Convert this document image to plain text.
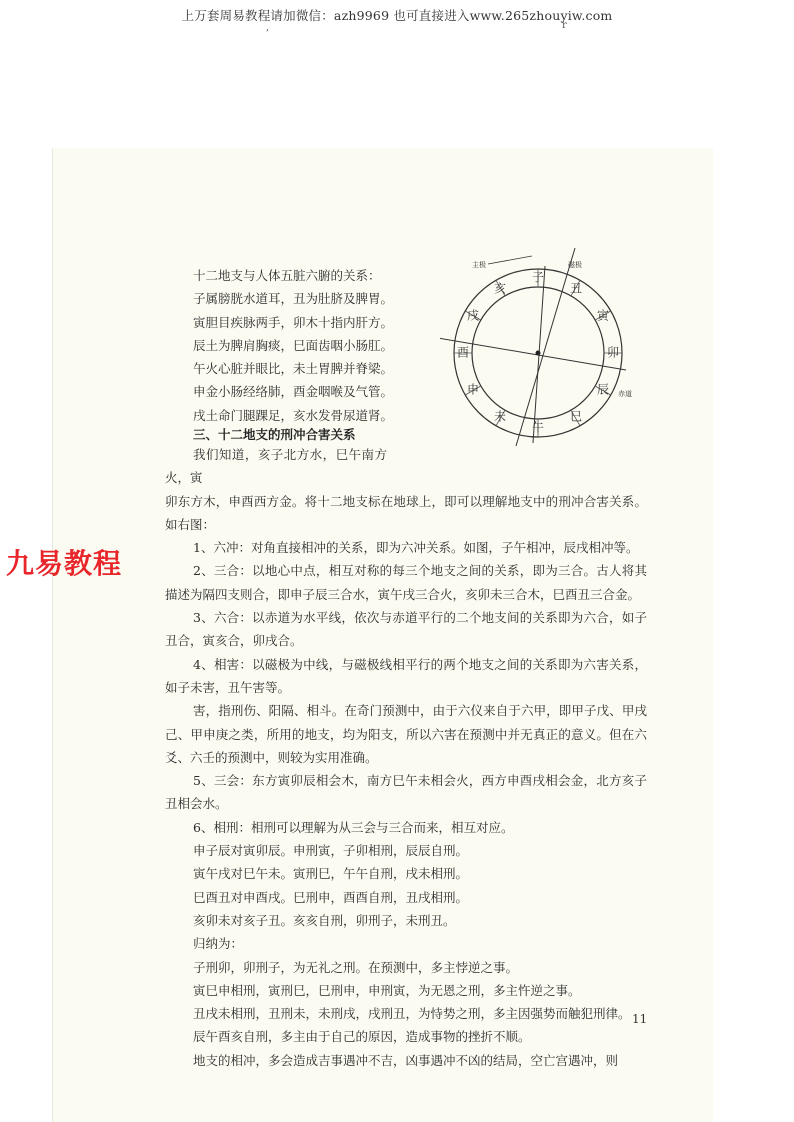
上万套周易教程请加微信：azh9969 也可直接进入www.265zhouyiw.com
,	r
九易教程
十二地支与人体五脏六腑的关系：
子属膀胱水道耳，丑为肚脐及脾胃。
寅胆目疾脉两手，卯木十指内肝方。
辰土为脾肩胸痰，巳面齿咽小肠肛。
午火心脏并眼比，未土胃脾并脊梁。
申金小肠经络肺，酉金咽喉及气管。
戌土命门腿踝足，亥水发骨尿道肾。
主极	磁极
赤道
子
丑
寅
卯
辰
巳
午
未
申
酉
戌
亥
三、十二地支的刑冲合害关系

我们知道，亥子北方水，巳午南方火，寅

卯东方木，申酉西方金。将十二地支标在地球上，即可以理解地支中的刑冲合害关系。如右图：

1、六冲：对角直接相冲的关系，即为六冲关系。如图，子午相冲，辰戌相冲等。

2、三合：以地心中点，相互对称的每三个地支之间的关系，即为三合。古人将其描述为隔四支则合，即申子辰三合水，寅午戌三合火，亥卯未三合木，巳酉丑三合金。

3、六合：以赤道为水平线，依次与赤道平行的二个地支间的关系即为六合，如子丑合，寅亥合，卯戌合。

4、相害：以磁极为中线，与磁极线相平行的两个地支之间的关系即为六害关系，如子未害，丑午害等。

害，指刑伤、阳隔、相斗。在奇门预测中，由于六仪来自于六甲，即甲子戊、甲戌己、甲申庚之类，所用的地支，均为阳支，所以六害在预测中并无真正的意义。但在六爻、六壬的预测中，则较为实用准确。

5、三会：东方寅卯辰相会木，南方巳午未相会火，西方申酉戌相会金，北方亥子丑相会水。

6、相刑：相刑可以理解为从三会与三合而来，相互对应。

申子辰对寅卯辰。申刑寅，子卯相刑，辰辰自刑。

寅午戌对巳午未。寅刑巳，午午自刑，戌未相刑。

巳酉丑对申酉戌。巳刑申，酉酉自刑，丑戌相刑。

亥卯未对亥子丑。亥亥自刑，卯刑子，未刑丑。

归纳为：

子刑卯，卯刑子，为无礼之刑。在预测中，多主悖逆之事。

寅巳申相刑，寅刑巳，巳刑申，申刑寅，为无恩之刑，多主忤逆之事。

丑戌未相刑，丑刑未，未刑戌，戌刑丑，为恃势之刑，多主因强势而触犯刑律。

辰午酉亥自刑，多主由于自己的原因，造成事物的挫折不顺。

地支的相冲，多会造成吉事遇冲不吉，凶事遇冲不凶的结局，空亡宫遇冲，则

11
